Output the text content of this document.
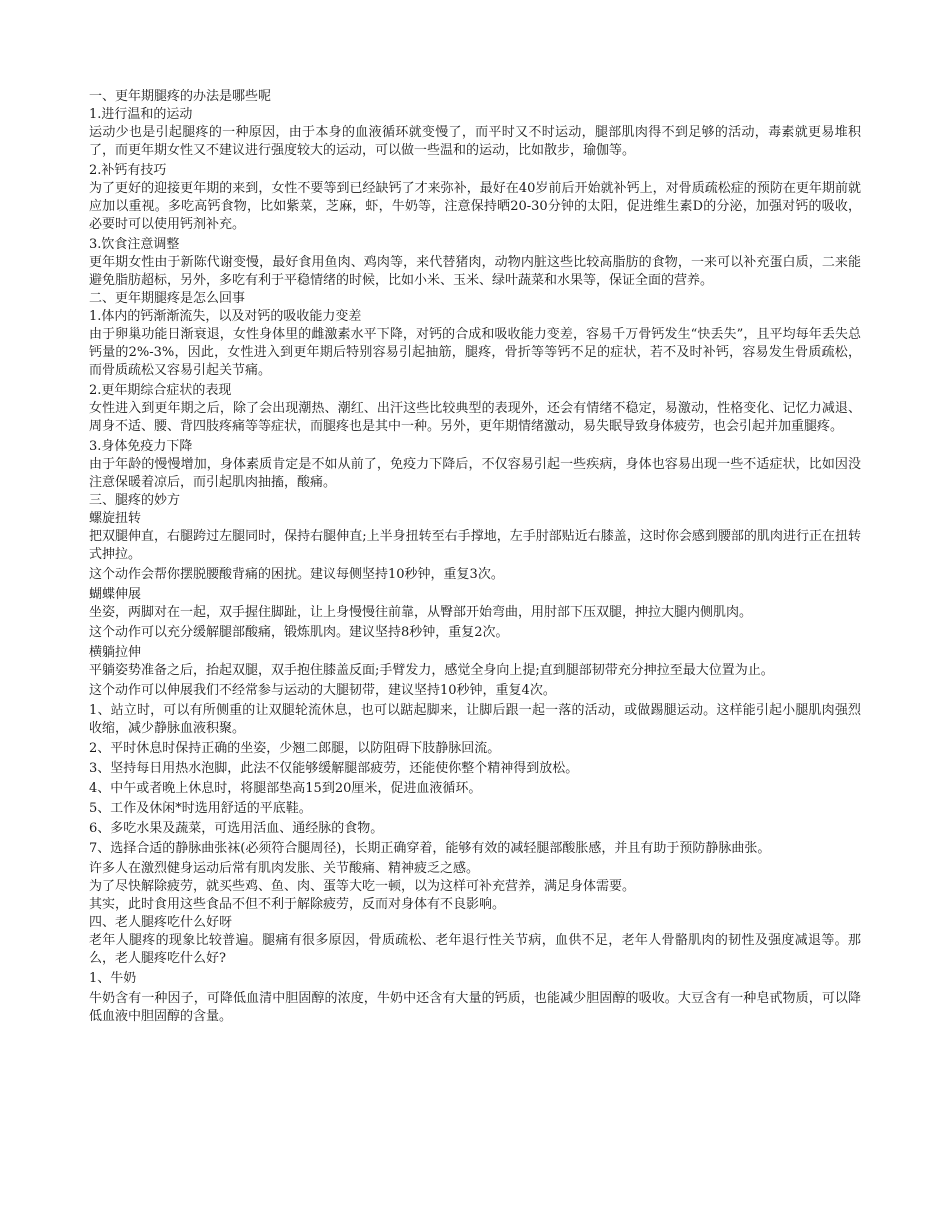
一、更年期腿疼的办法是哪些呢

1.进行温和的运动

运动少也是引起腿疼的一种原因，由于本身的血液循环就变慢了，而平时又不时运动，腿部肌肉得不到足够的活动，毒素就更易堆积了，而更年期女性又不建议进行强度较大的运动，可以做一些温和的运动，比如散步，瑜伽等。

2.补钙有技巧

为了更好的迎接更年期的来到，女性不要等到已经缺钙了才来弥补，最好在40岁前后开始就补钙上，对骨质疏松症的预防在更年期前就应加以重视。多吃高钙食物，比如紫菜，芝麻，虾，牛奶等，注意保持晒20-30分钟的太阳，促进维生素D的分泌，加强对钙的吸收，必要时可以使用钙剂补充。

3.饮食注意调整

更年期女性由于新陈代谢变慢，最好食用鱼肉、鸡肉等，来代替猪肉，动物内脏这些比较高脂肪的食物，一来可以补充蛋白质，二来能避免脂肪超标，另外，多吃有利于平稳情绪的时候，比如小米、玉米、绿叶蔬菜和水果等，保证全面的营养。

二、更年期腿疼是怎么回事

1.体内的钙渐渐流失，以及对钙的吸收能力变差

由于卵巢功能日渐衰退，女性身体里的雌激素水平下降，对钙的合成和吸收能力变差，容易千万骨钙发生“快丢失”，且平均每年丢失总钙量的2%-3%，因此，女性进入到更年期后特别容易引起抽筋，腿疼，骨折等等钙不足的症状，若不及时补钙，容易发生骨质疏松，而骨质疏松又容易引起关节痛。

2.更年期综合症状的表现

女性进入到更年期之后，除了会出现潮热、潮红、出汗这些比较典型的表现外，还会有情绪不稳定，易激动，性格变化、记忆力减退、周身不适、腰、背四肢疼痛等等症状，而腿疼也是其中一种。另外，更年期情绪激动，易失眠导致身体疲劳，也会引起并加重腿疼。

3.身体免疫力下降

由于年龄的慢慢增加，身体素质肯定是不如从前了，免疫力下降后，不仅容易引起一些疾病，身体也容易出现一些不适症状，比如因没注意保暖着凉后，而引起肌肉抽搐，酸痛。

三、腿疼的妙方

螺旋扭转

把双腿伸直，右腿跨过左腿同时，保持右腿伸直;上半身扭转至右手撑地，左手肘部贴近右膝盖，这时你会感到腰部的肌肉进行正在扭转式抻拉。

这个动作会帮你摆脱腰酸背痛的困扰。建议每侧坚持10秒钟，重复3次。

蝴蝶伸展

坐姿，两脚对在一起，双手握住脚趾，让上身慢慢往前靠，从臀部开始弯曲，用肘部下压双腿，抻拉大腿内侧肌肉。

这个动作可以充分缓解腿部酸痛，锻炼肌肉。建议坚持8秒钟，重复2次。

横躺拉伸

平躺姿势准备之后，抬起双腿，双手抱住膝盖反面;手臂发力，感觉全身向上提;直到腿部韧带充分抻拉至最大位置为止。

这个动作可以伸展我们不经常参与运动的大腿韧带，建议坚持10秒钟，重复4次。

1、站立时，可以有所侧重的让双腿轮流休息，也可以踮起脚来，让脚后跟一起一落的活动，或做踢腿运动。这样能引起小腿肌肉强烈收缩，减少静脉血液积聚。

2、平时休息时保持正确的坐姿，少翘二郎腿，以防阻碍下肢静脉回流。

3、坚持每日用热水泡脚，此法不仅能够缓解腿部疲劳，还能使你整个精神得到放松。

4、中午或者晚上休息时，将腿部垫高15到20厘米，促进血液循环。

5、工作及休闲*时选用舒适的平底鞋。

6、多吃水果及蔬菜，可选用活血、通经脉的食物。

7、选择合适的静脉曲张袜(必须符合腿周径)，长期正确穿着，能够有效的减轻腿部酸胀感，并且有助于预防静脉曲张。

许多人在激烈健身运动后常有肌肉发胀、关节酸痛、精神疲乏之感。

为了尽快解除疲劳，就买些鸡、鱼、肉、蛋等大吃一顿，以为这样可补充营养，满足身体需要。

其实，此时食用这些食品不但不利于解除疲劳，反而对身体有不良影响。

四、老人腿疼吃什么好呀

老年人腿疼的现象比较普遍。腿痛有很多原因，骨质疏松、老年退行性关节病，血供不足，老年人骨骼肌肉的韧性及强度减退等。那么，老人腿疼吃什么好?

1、牛奶

牛奶含有一种因子，可降低血清中胆固醇的浓度，牛奶中还含有大量的钙质，也能减少胆固醇的吸收。大豆含有一种皂甙物质，可以降低血液中胆固醇的含量。
